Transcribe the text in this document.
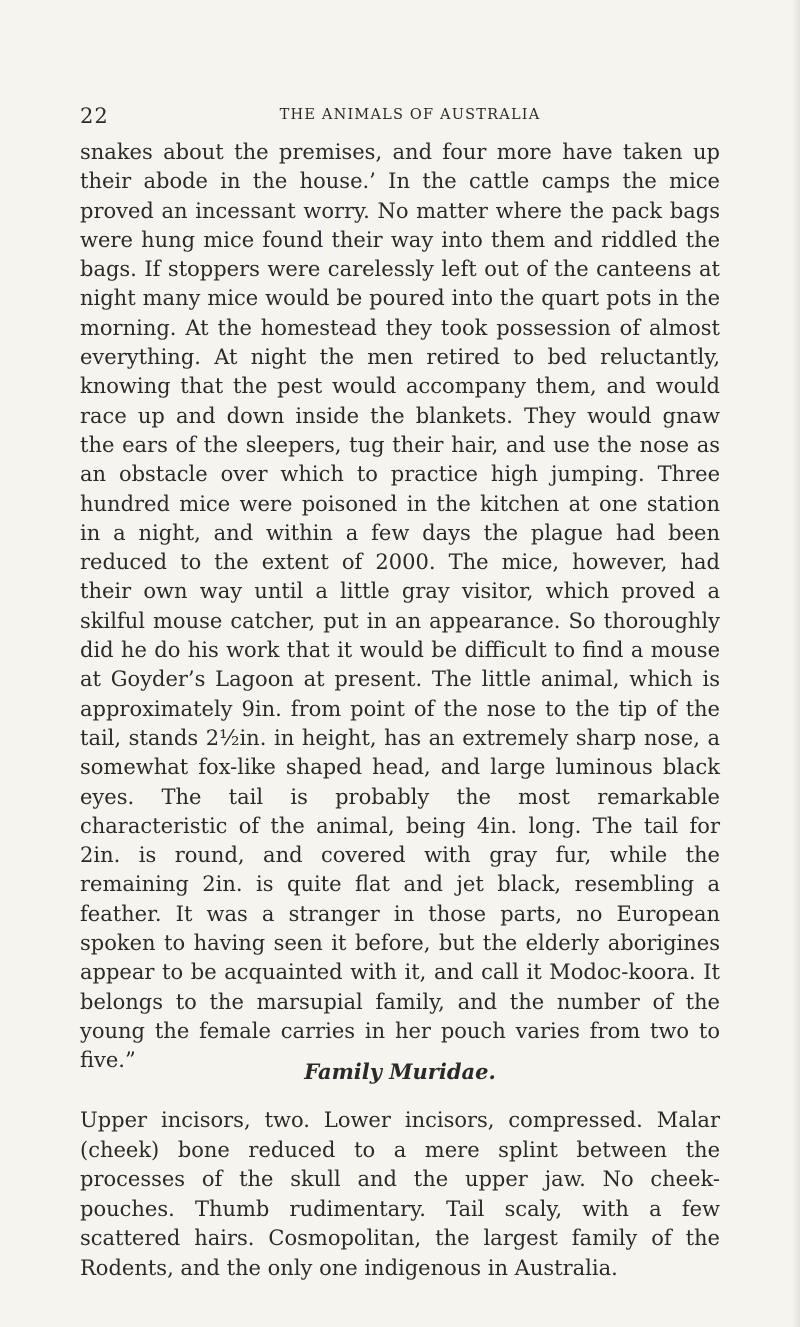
22	THE ANIMALS OF AUSTRALIA

snakes about the premises, and four more have taken up their abode in the house.’ In the cattle camps the mice proved an incessant worry. No matter where the pack bags were hung mice found their way into them and riddled the bags. If stoppers were carelessly left out of the canteens at night many mice would be poured into the quart pots in the morning. At the homestead they took possession of almost everything. At night the men retired to bed reluctantly, knowing that the pest would accompany them, and would race up and down inside the blankets. They would gnaw the ears of the sleepers, tug their hair, and use the nose as an obstacle over which to practice high jumping. Three hundred mice were poisoned in the kitchen at one station in a night, and within a few days the plague had been reduced to the extent of 2000. The mice, however, had their own way until a little gray visitor, which proved a skilful mouse catcher, put in an appearance. So thoroughly did he do his work that it would be difficult to find a mouse at Goyder’s Lagoon at present. The little animal, which is approximately 9in. from point of the nose to the tip of the tail, stands 2½in. in height, has an extremely sharp nose, a somewhat fox-like shaped head, and large luminous black eyes. The tail is probably the most remarkable characteristic of the animal, being 4in. long. The tail for 2in. is round, and covered with gray fur, while the remaining 2in. is quite flat and jet black, resembling a feather. It was a stranger in those parts, no European spoken to having seen it before, but the elderly aborigines appear to be acquainted with it, and call it Modoc-koora. It belongs to the marsupial family, and the number of the young the female carries in her pouch varies from two to five.”	Family Muridae.

Upper incisors, two. Lower incisors, compressed. Malar (cheek) bone reduced to a mere splint between the processes of the skull and the upper jaw. No cheek-pouches. Thumb rudimentary. Tail scaly, with a few scattered hairs. Cosmopolitan, the largest family of the Rodents, and the only one indigenous in Australia.
